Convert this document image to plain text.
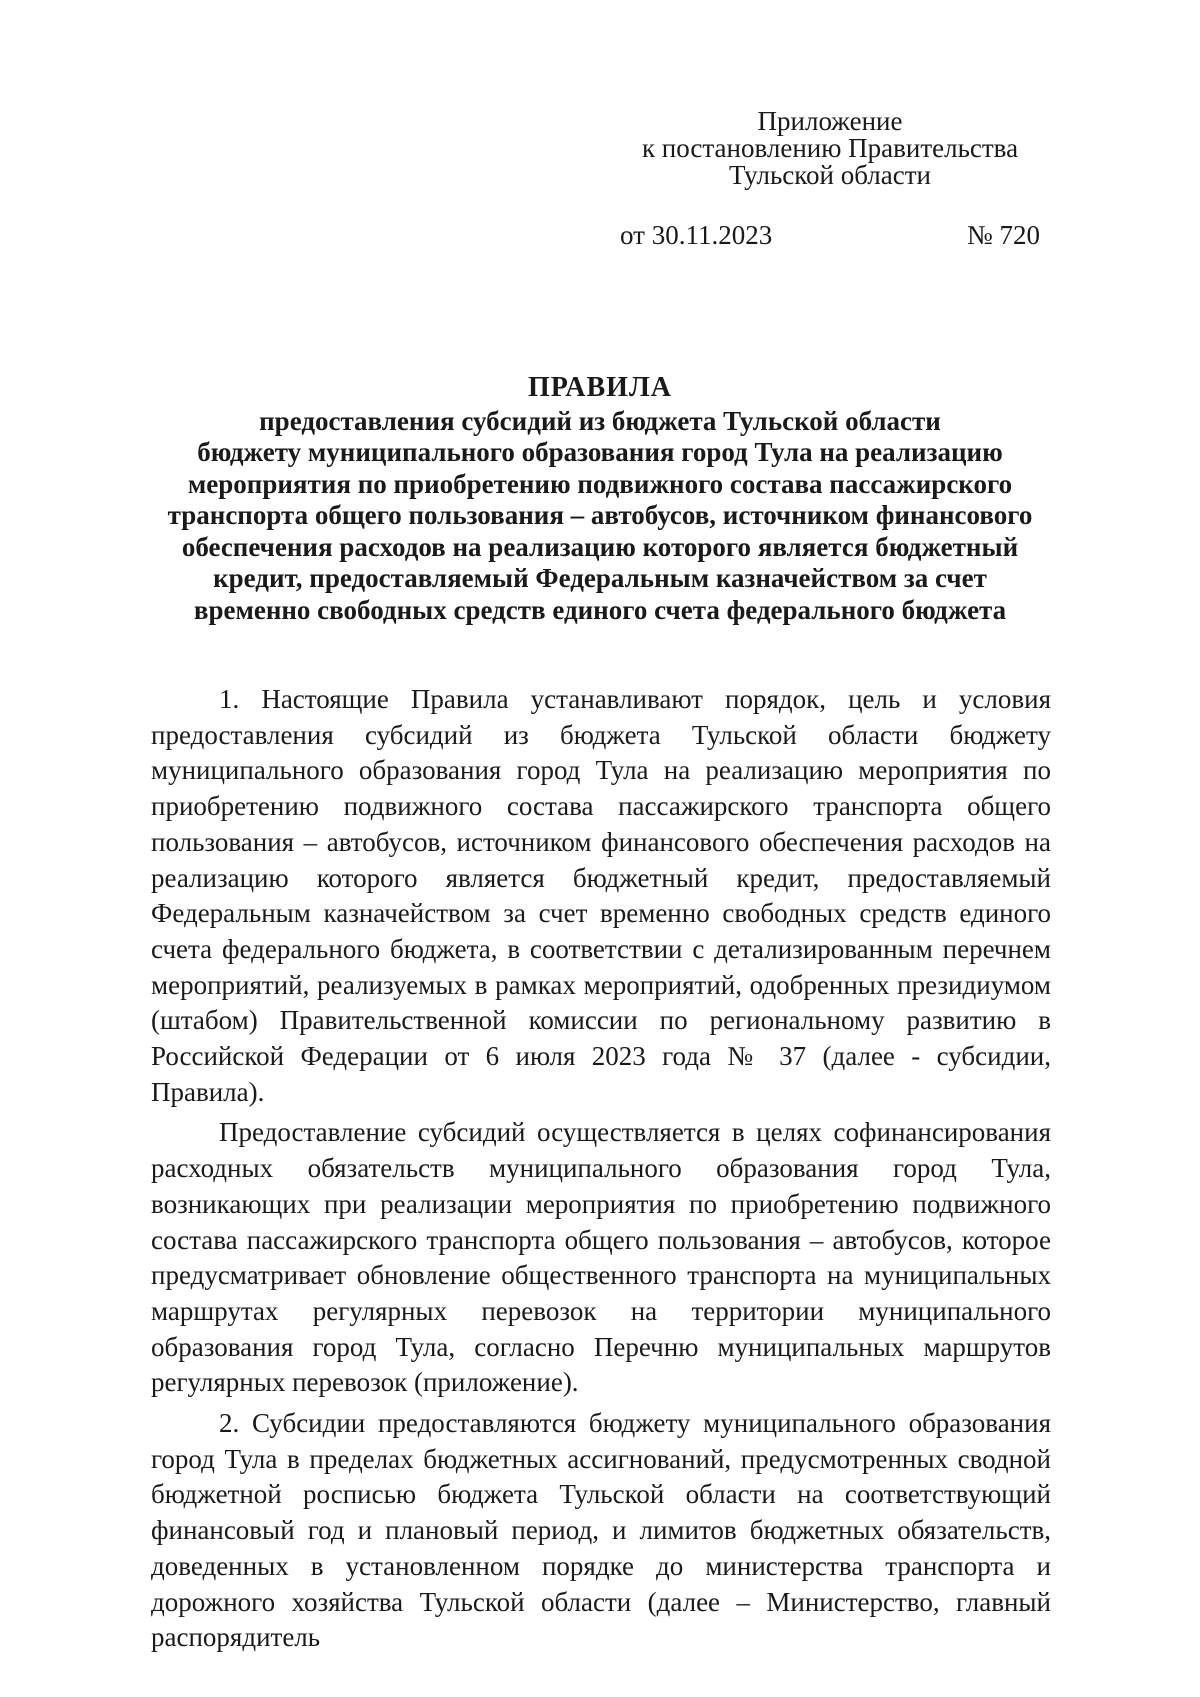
Приложение
к постановлению Правительства
Тульской области
от 30.11.2023	№ 720
ПРАВИЛА
предоставления субсидий из бюджета Тульской области
бюджету муниципального образования город Тула на реализацию
мероприятия по приобретению подвижного состава пассажирского
транспорта общего пользования – автобусов, источником финансового
обеспечения расходов на реализацию которого является бюджетный
кредит, предоставляемый Федеральным казначейством за счет
временно свободных средств единого счета федерального бюджета

1. Настоящие Правила устанавливают порядок, цель и условия предоставления субсидий из бюджета Тульской области бюджету муниципального образования город Тула на реализацию мероприятия по приобретению подвижного состава пассажирского транспорта общего пользования – автобусов, источником финансового обеспечения расходов на реализацию которого является бюджетный кредит, предоставляемый Федеральным казначейством за счет временно свободных средств единого счета федерального бюджета, в соответствии с детализированным перечнем мероприятий, реализуемых в рамках мероприятий, одобренных президиумом (штабом) Правительственной комиссии по региональному развитию в Российской Федерации от 6 июля 2023 года № 37 (далее - субсидии, Правила).

Предоставление субсидий осуществляется в целях софинансирования расходных обязательств муниципального образования город Тула, возникающих при реализации мероприятия по приобретению подвижного состава пассажирского транспорта общего пользования – автобусов, которое предусматривает обновление общественного транспорта на муниципальных маршрутах регулярных перевозок на территории муниципального образования город Тула, согласно Перечню муниципальных маршрутов регулярных перевозок (приложение).

2. Субсидии предоставляются бюджету муниципального образования город Тула в пределах бюджетных ассигнований, предусмотренных сводной бюджетной росписью бюджета Тульской области на соответствующий финансовый год и плановый период, и лимитов бюджетных обязательств, доведенных в установленном порядке до министерства транспорта и дорожного хозяйства Тульской области (далее – Министерство, главный распорядитель
